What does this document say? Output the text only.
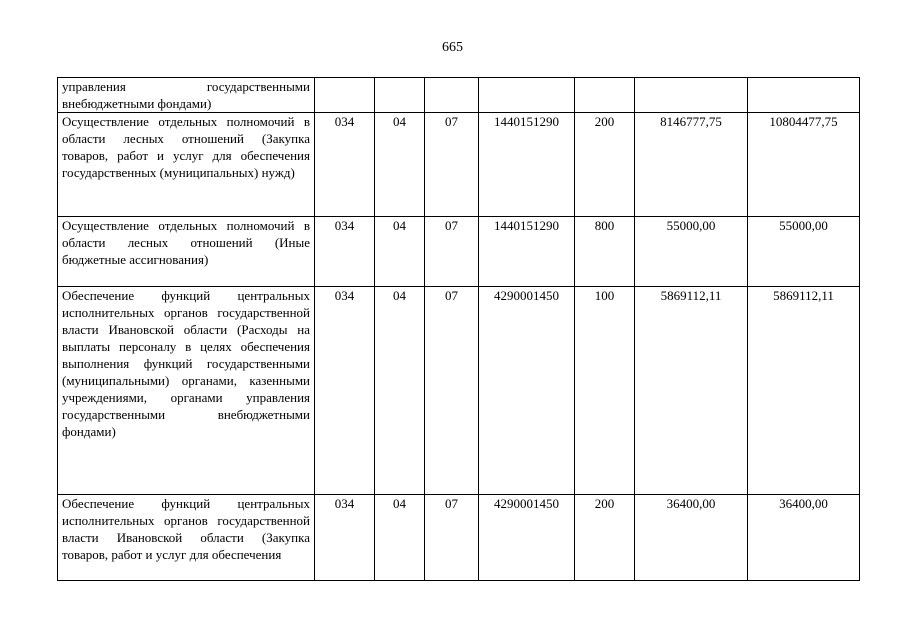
665
управления государственными внебюджетными фондами)							
Осуществление отдельных полномочий в области лесных отношений (Закупка товаров, работ и услуг для обеспечения государственных (муниципальных) нужд)	034	04	07	1440151290	200	8146777,75	10804477,75
Осуществление отдельных полномочий в области лесных отношений (Иные бюджетные ассигнования)	034	04	07	1440151290	800	55000,00	55000,00
Обеспечение функций центральных исполнительных органов государственной власти Ивановской области (Расходы на выплаты персоналу в целях обеспечения выполнения функций государственными (муниципальными) органами, казенными учреждениями, органами управления государственными внебюджетными фондами)	034	04	07	4290001450	100	5869112,11	5869112,11
Обеспечение функций центральных исполнительных органов государственной власти Ивановской области (Закупка товаров, работ и услуг для обеспечения	034	04	07	4290001450	200	36400,00	36400,00
